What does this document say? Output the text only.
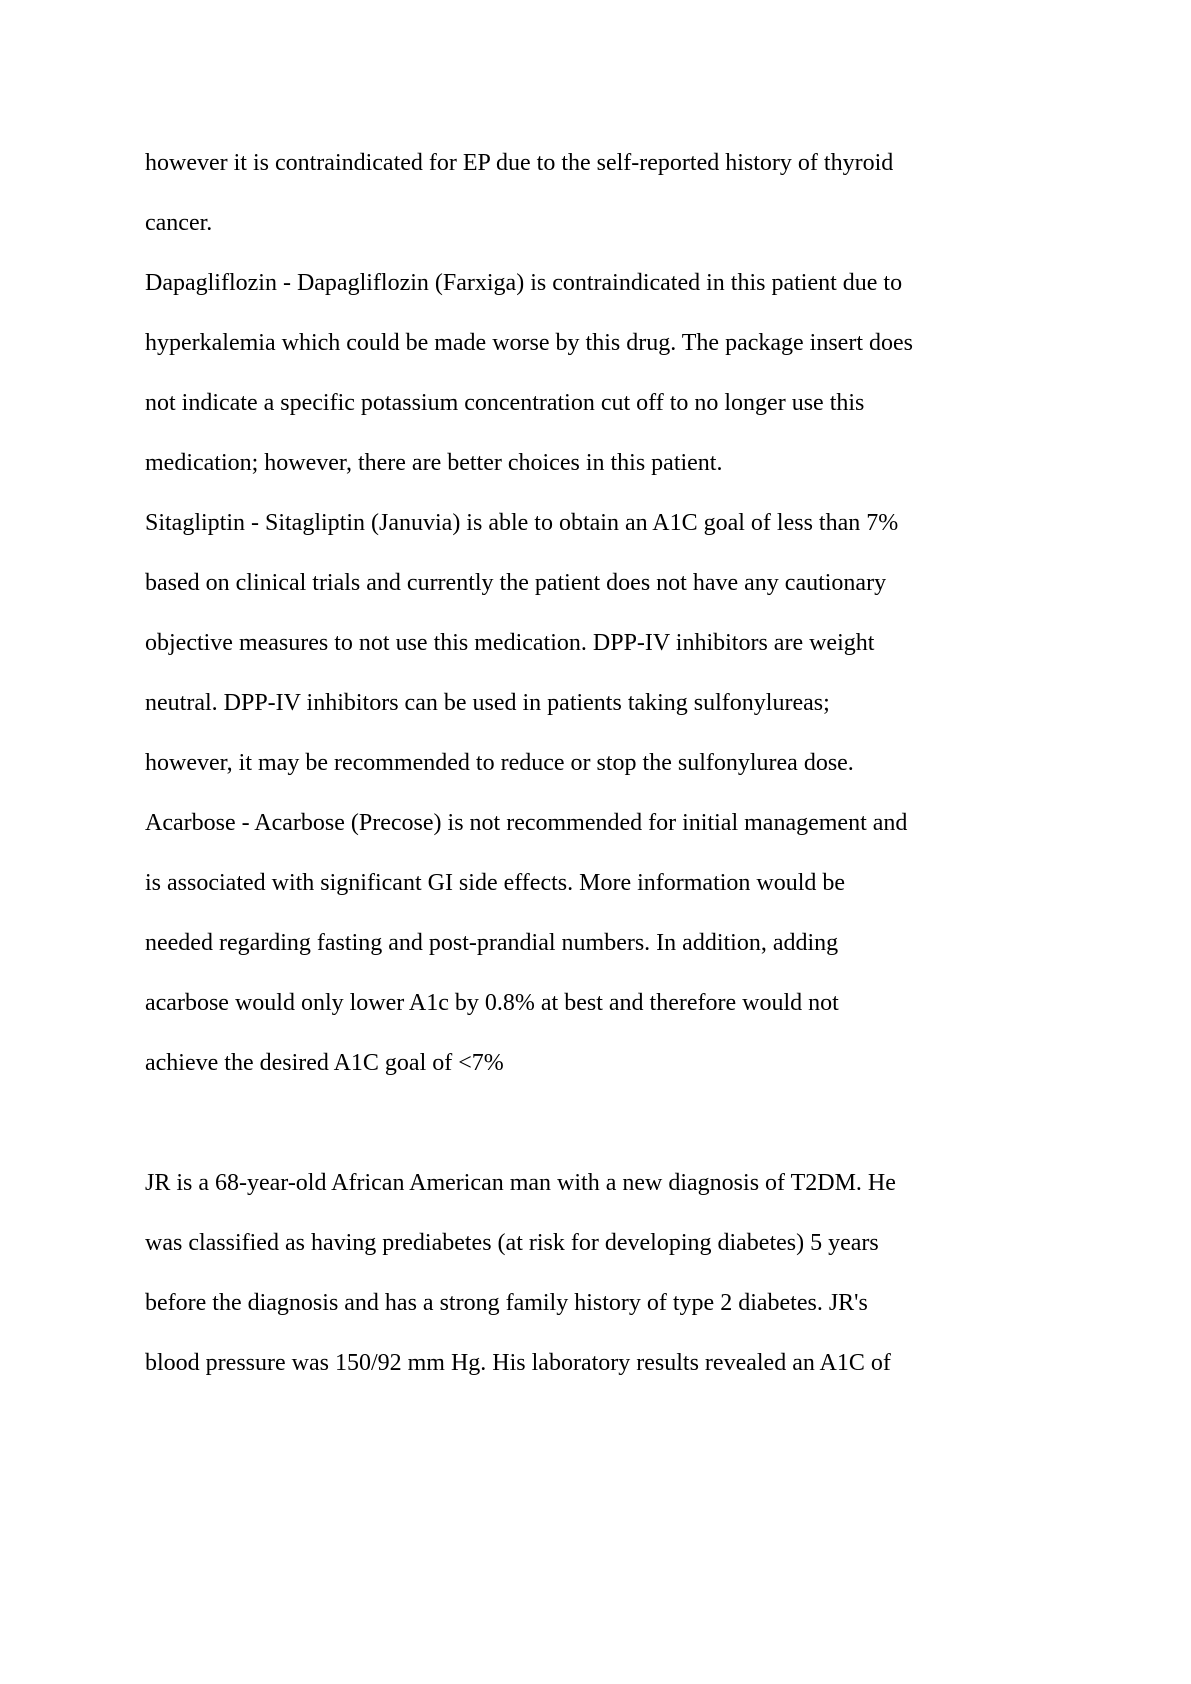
however it is contraindicated for EP due to the self-reported history of thyroid

cancer.

Dapagliflozin - Dapagliflozin (Farxiga) is contraindicated in this patient due to

hyperkalemia which could be made worse by this drug. The package insert does

not indicate a specific potassium concentration cut off to no longer use this

medication; however, there are better choices in this patient.

Sitagliptin - Sitagliptin (Januvia) is able to obtain an A1C goal of less than 7%

based on clinical trials and currently the patient does not have any cautionary

objective measures to not use this medication. DPP-IV inhibitors are weight

neutral. DPP-IV inhibitors can be used in patients taking sulfonylureas;

however, it may be recommended to reduce or stop the sulfonylurea dose.

Acarbose - Acarbose (Precose) is not recommended for initial management and

is associated with significant GI side effects. More information would be

needed regarding fasting and post-prandial numbers. In addition, adding

acarbose would only lower A1c by 0.8% at best and therefore would not

achieve the desired A1C goal of <7%

JR is a 68-year-old African American man with a new diagnosis of T2DM. He

was classified as having prediabetes (at risk for developing diabetes) 5 years

before the diagnosis and has a strong family history of type 2 diabetes. JR's

blood pressure was 150/92 mm Hg. His laboratory results revealed an A1C of
